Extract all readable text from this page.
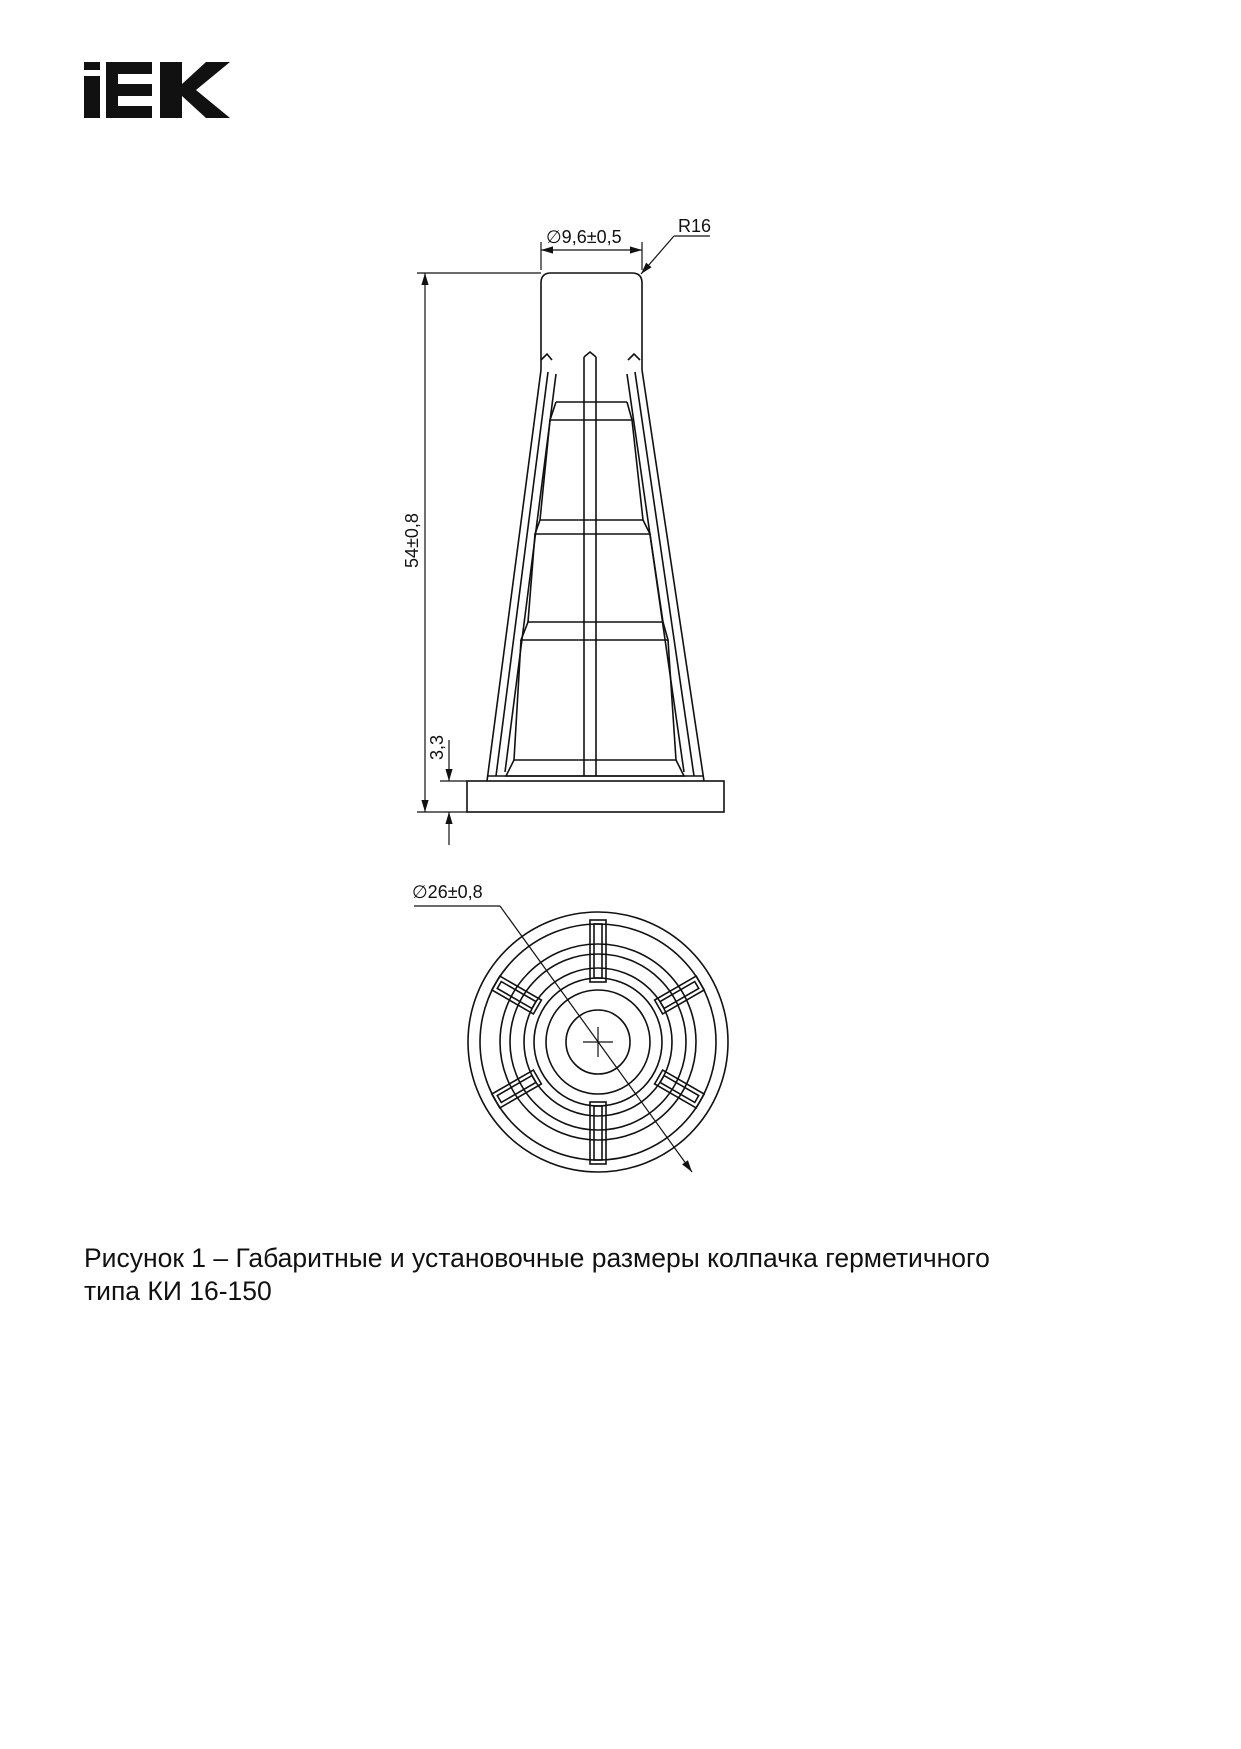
∅9,6±0,5
R16
54±0,8
3,3
∅26±0,8
Рисунок 1 – Габаритные и установочные размеры колпачка герметичного
типа КИ 16-150
